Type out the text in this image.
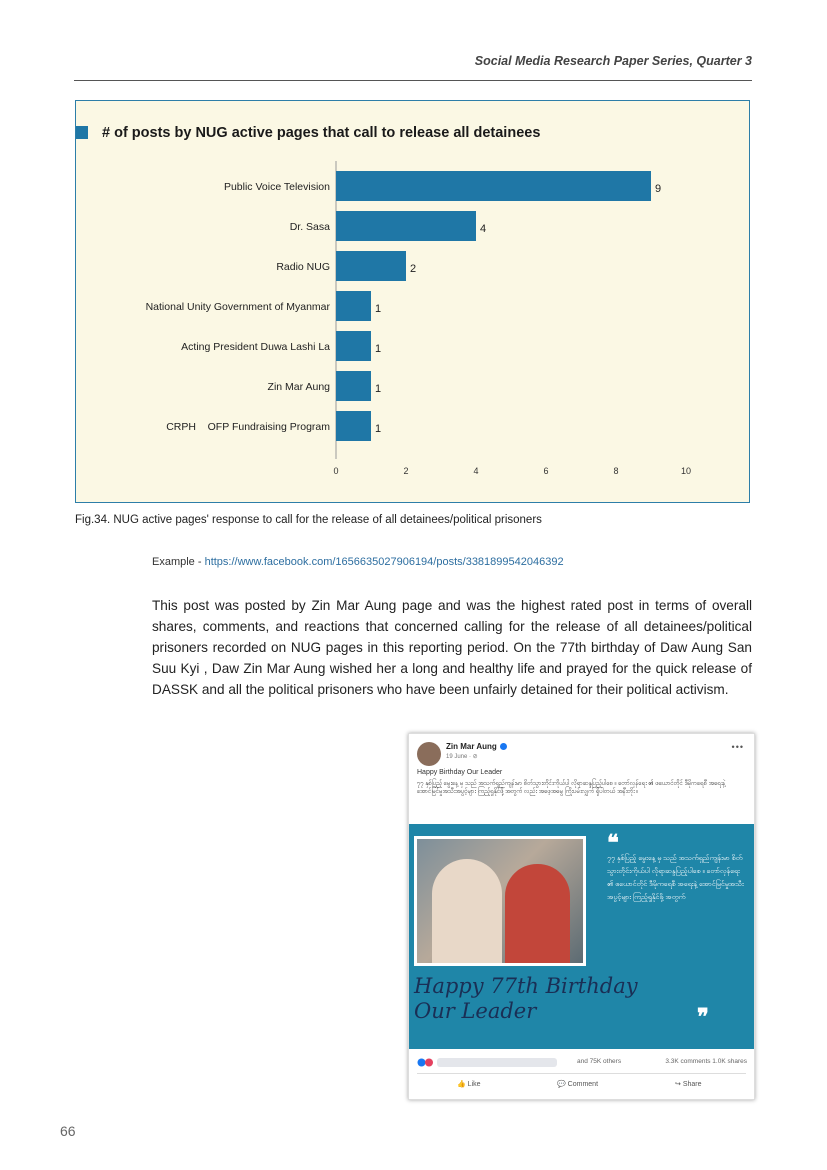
Social Media Research Paper Series, Quarter 3
# of posts by NUG active pages that call to release all detainees
Public Voice Television	9
Dr. Sasa	4
Radio NUG	2
National Unity Government of Myanmar	1
Acting President Duwa Lashi La	1
Zin Mar Aung	1
CRPH    OFP Fundraising Program	1
0	2	4	6	8	10
Fig.34. NUG active pages' response to call for the release of all detainees/political prisoners
Example - https://www.facebook.com/1656635027906194/posts/3381899542046392
This post was posted by Zin Mar Aung page and was the highest rated post in terms of overall shares, comments, and reactions that concerned calling for the release of all detainees/political prisoners recorded on NUG pages in this reporting period. On the 77th birthday of Daw Aung San Suu Kyi , Daw Zin Mar Aung wished her a long and healthy life and prayed for the quick release of DASSK and all the political prisoners who have been unfairly detained for their political activism.
Zin Mar Aung
19 June · ⊘
•••
Happy Birthday Our Leader
၇၇ နှစ်ပြည့် မွေးနေ့ မှ သည် အသက်ရှည်ကျန်းမာ စိတ်သွားတိုင်းကိုယ်ပါ လိုရာဆန္ဒပြည့်ပါစေ ။ တော်လှန်ရေး ၏ ဖယောင်တိုင် ဒီမိုကရေစီ အရေးနဲ့ အောင်မြင်မှုအသီးအပွင့်များ ကြည့်ရှုနိုင်ဖို့ အတွက် လည်း အဖေ့အမွေ ကြိုးပမ်းလျှက် ရှိပါတယ် အနီးတိုး ။
Happy 77th Birthday
Our Leader
❝
၇၇ နှစ်ပြည့် မွေးနေ့ မှ သည် အသက်ရှည်ကျန်းမာ စိတ်သွားတိုင်းကိုယ်ပါ လိုရာဆန္ဒပြည့်ပါစေ ။ တော်လှန်ရေး ၏ ဖယောင်တိုင် ဒီမိုကရေစီ အရေးနဲ့ အောင်မြင်မှုအသီးအပွင့်များ ကြည့်ရှုနိုင်ဖို့ အတွက်
❞
and 75K others	3.3K comments 1.0K shares
👍 Like	💬 Comment	↪ Share
66
